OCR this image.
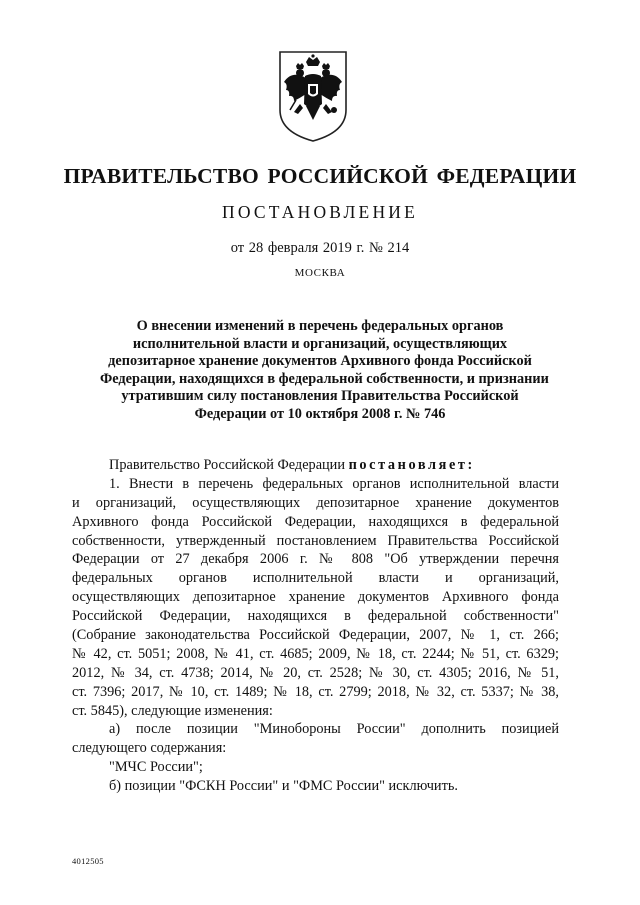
ПРАВИТЕЛЬСТВО РОССИЙСКОЙ ФЕДЕРАЦИИ
ПОСТАНОВЛЕНИЕ
от 28 февраля 2019 г. № 214
МОСКВА
О внесении изменений в перечень федеральных органов
исполнительной власти и организаций, осуществляющих
депозитарное хранение документов Архивного фонда Российской
Федерации, находящихся в федеральной собственности, и признании
утратившим силу постановления Правительства Российской
Федерации от 10 октября 2008 г. № 746
Правительство Российской Федерации постановляет:
1. Внести в перечень федеральных органов исполнительной власти
и организаций, осуществляющих депозитарное хранение документов
Архивного фонда Российской Федерации, находящихся в федеральной
собственности, утвержденный постановлением Правительства Российской
Федерации от 27 декабря 2006 г. № 808 "Об утверждении перечня
федеральных органов исполнительной власти и организаций,
осуществляющих депозитарное хранение документов Архивного фонда
Российской Федерации, находящихся в федеральной собственности"
(Собрание законодательства Российской Федерации, 2007, № 1, ст. 266;
№ 42, ст. 5051; 2008, № 41, ст. 4685; 2009, № 18, ст. 2244; № 51, ст. 6329;
2012, № 34, ст. 4738; 2014, № 20, ст. 2528; № 30, ст. 4305; 2016, № 51,
ст. 7396; 2017, № 10, ст. 1489; № 18, ст. 2799; 2018, № 32, ст. 5337; № 38,
ст. 5845), следующие изменения:
а) после позиции "Минобороны России" дополнить позицией
следующего содержания:
"МЧС России";
б) позиции "ФСКН России" и "ФМС России" исключить.
4012505
